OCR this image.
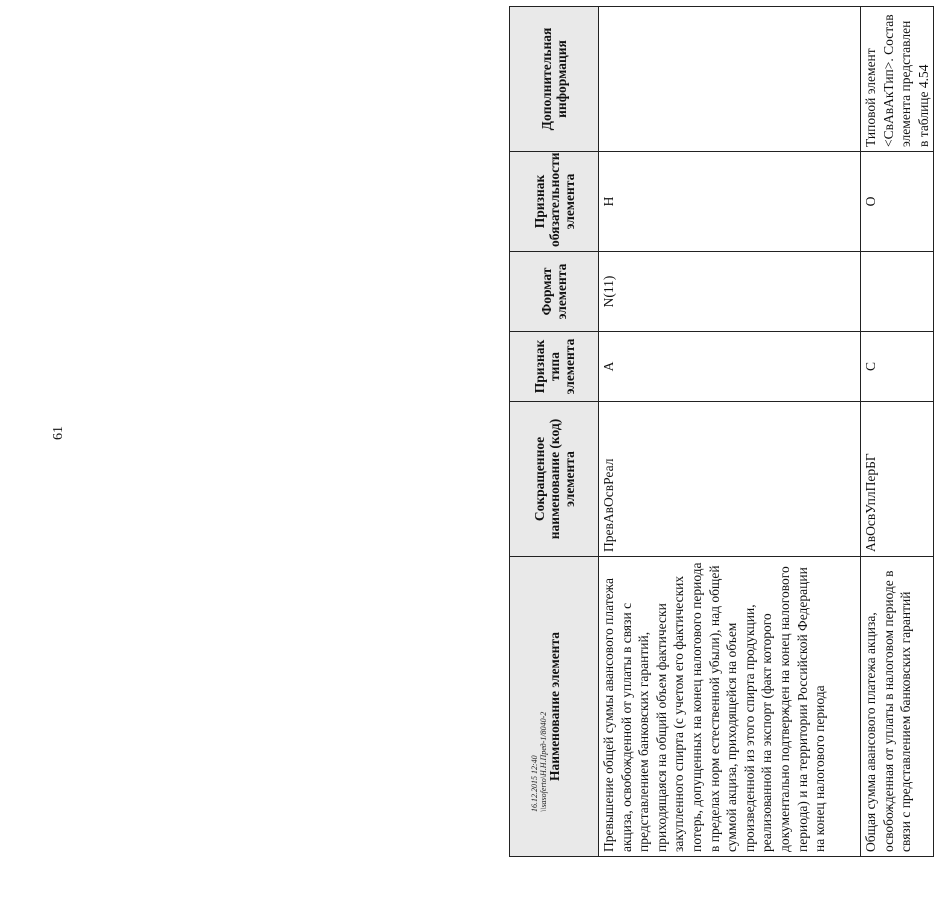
61
Наименование элемента	Сокращенное наименование (код) элемента	Признак типа элемента	Формат элемента	Признак обязательности элемента	Дополнительная информация
Превышение общей суммы авансового платежа акциза, освобожденной от уплаты в связи с представлением банковских гарантий, приходящаяся на общий объем фактически закупленного спирта (с учетом его фактических потерь, допущенных на конец налогового периода в пределах норм естественной убыли), над общей суммой акциза, приходящейся на объем произведенной из этого спирта продукции, реализованной на экспорт (факт которого документально подтвержден на конец налогового периода) и на территории Российской Федерации на конец налогового периода	ПревАвОсвРеал	А	N(11)	Н	
Общая сумма авансового платежа акциза, освобожденная от уплаты в налоговом периоде в связи с представлением банковских гарантий	АвОсвУплПерБГ	С		О	Типовой элемент <СвАвАкТип>. Состав элемента представлен в таблице 4.54
16.12.2015 12:40 \\sasoferto\Н.Н.Пред-1/8040-2
